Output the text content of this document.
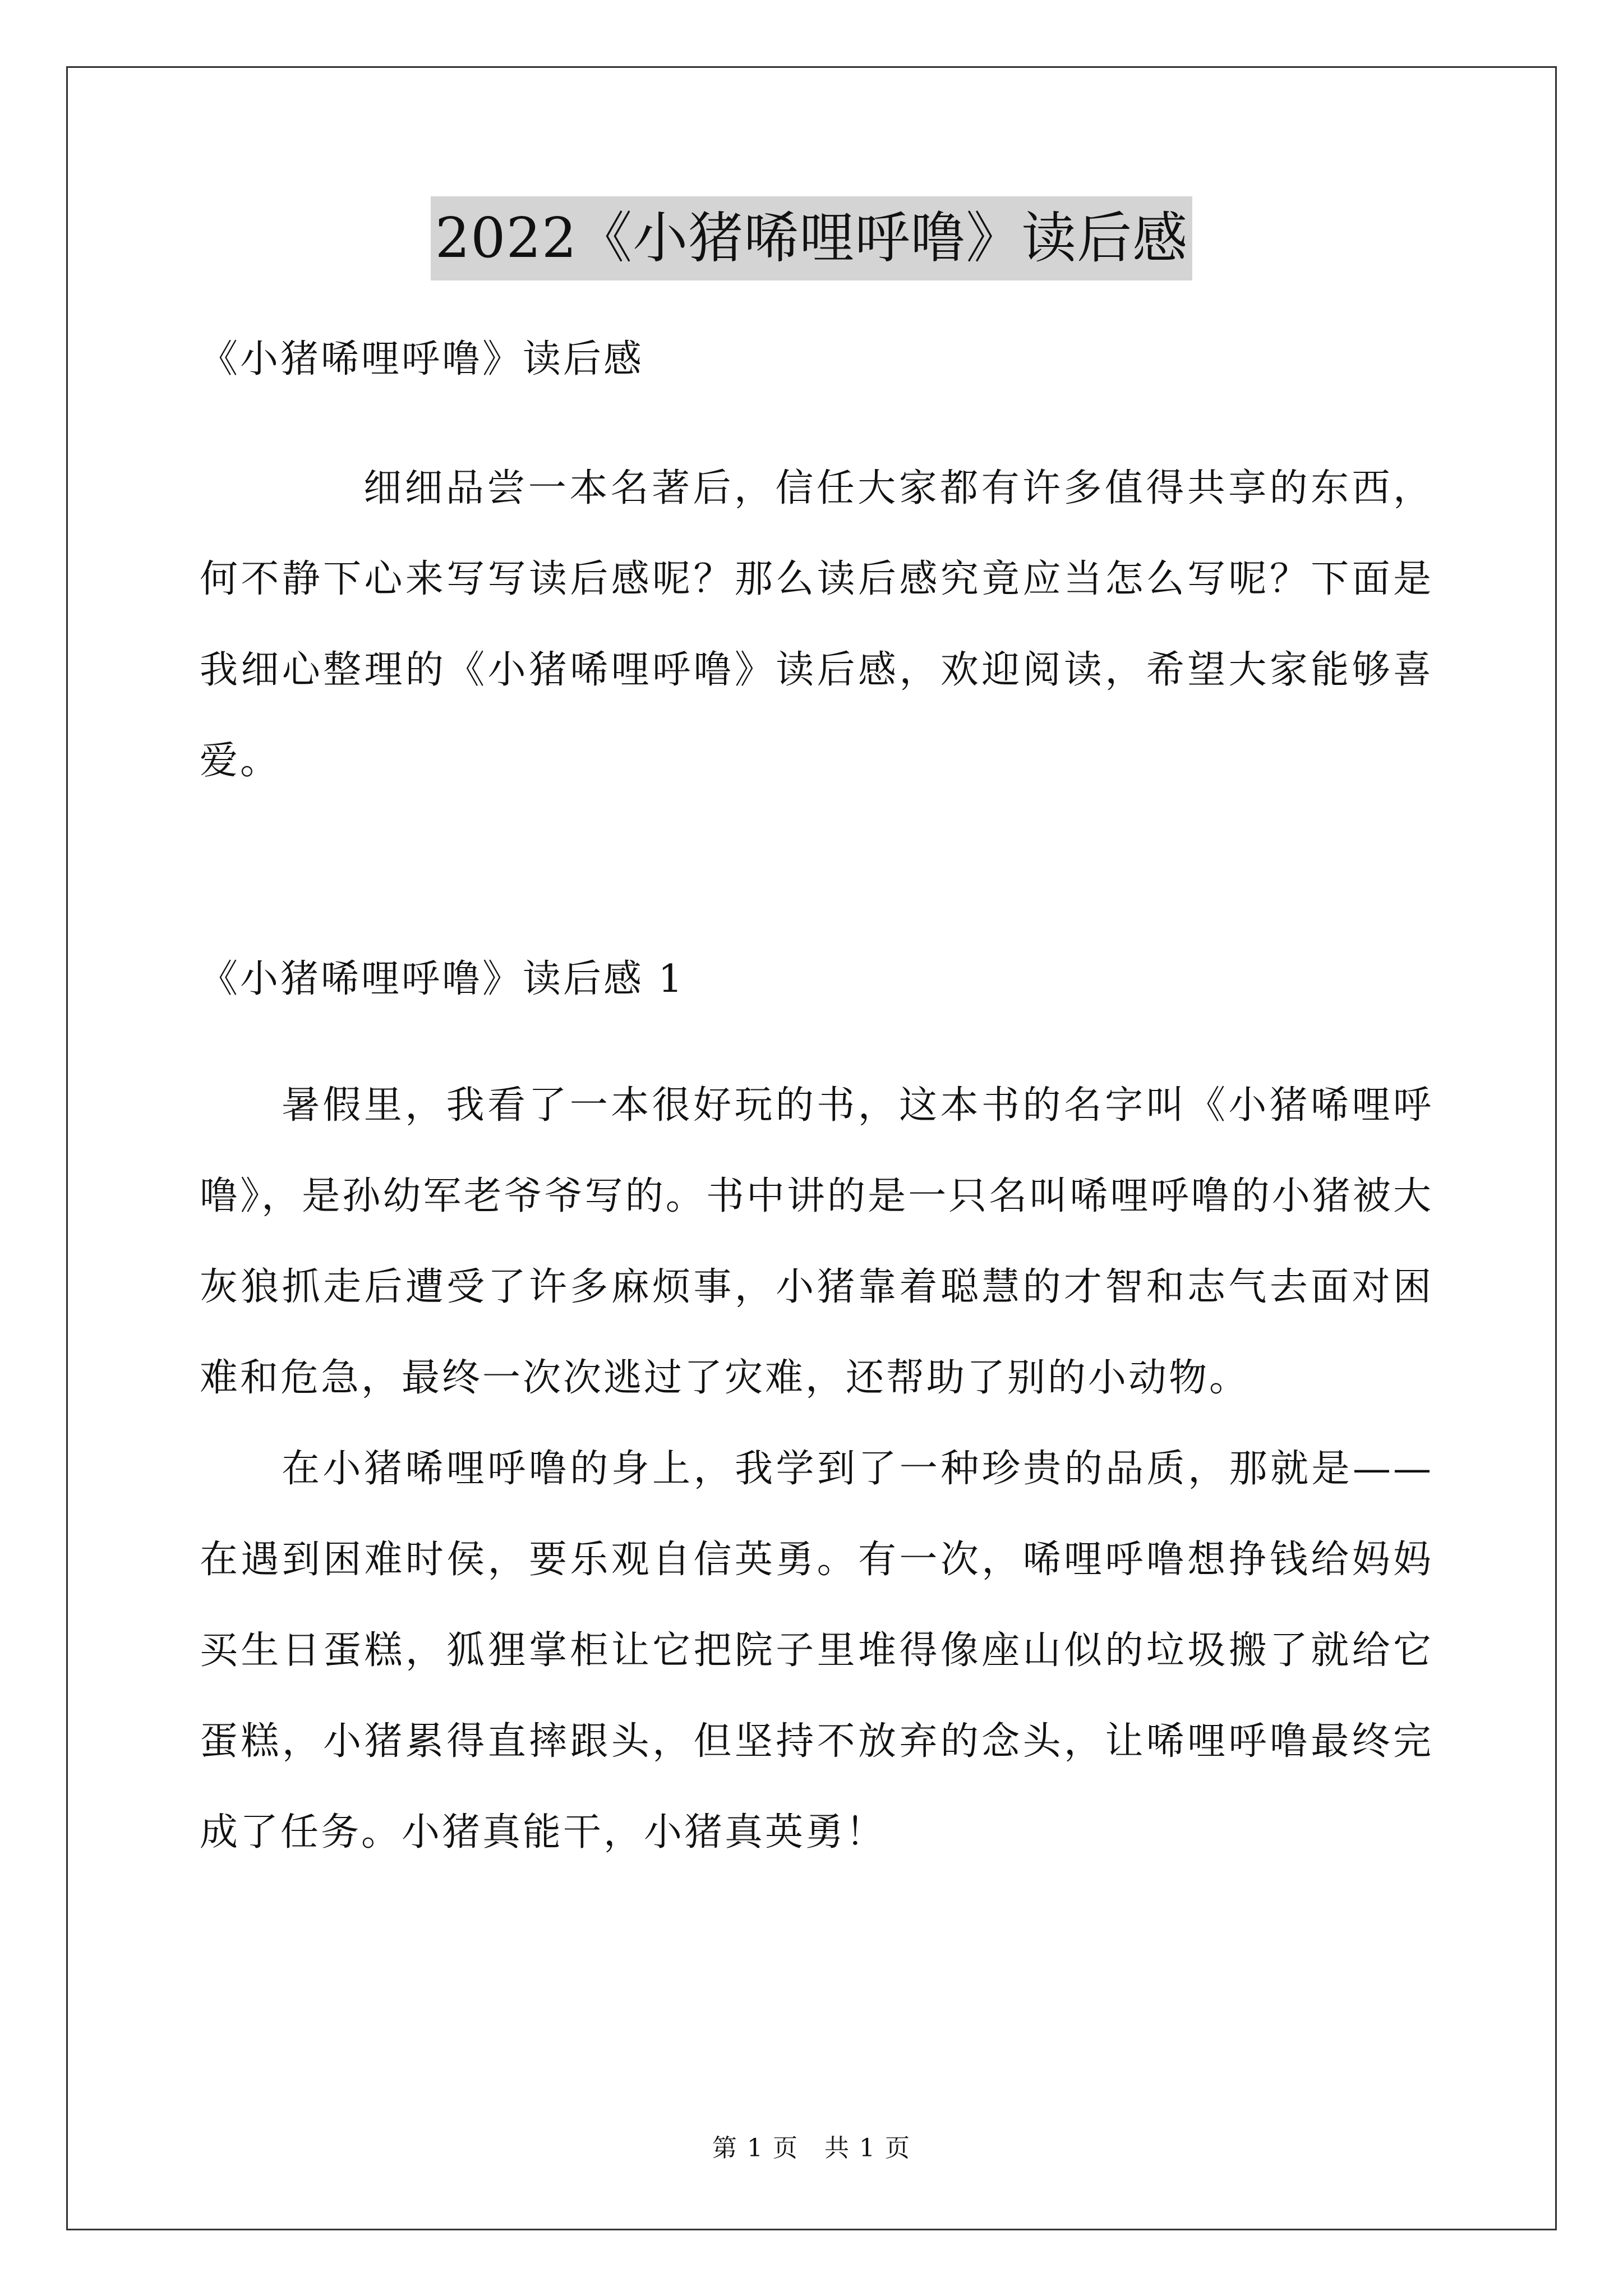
2022《小猪唏哩呼噜》读后感

《小猪唏哩呼噜》读后感

细细品尝一本名著后，信任大家都有许多值得共享的东西，何不静下心来写写读后感呢？那么读后感究竟应当怎么写呢？下面是我细心整理的《小猪唏哩呼噜》读后感，欢迎阅读，希望大家能够喜爱。

《小猪唏哩呼噜》读后感 1

暑假里，我看了一本很好玩的书，这本书的名字叫《小猪唏哩呼噜》，是孙幼军老爷爷写的。书中讲的是一只名叫唏哩呼噜的小猪被大灰狼抓走后遭受了许多麻烦事，小猪靠着聪慧的才智和志气去面对困难和危急，最终一次次逃过了灾难，还帮助了别的小动物。

在小猪唏哩呼噜的身上，我学到了一种珍贵的品质，那就是——在遇到困难时侯，要乐观自信英勇。有一次，唏哩呼噜想挣钱给妈妈买生日蛋糕，狐狸掌柜让它把院子里堆得像座山似的垃圾搬了就给它蛋糕，小猪累得直摔跟头，但坚持不放弃的念头，让唏哩呼噜最终完成了任务。小猪真能干，小猪真英勇！

第 1 页 共 1 页
